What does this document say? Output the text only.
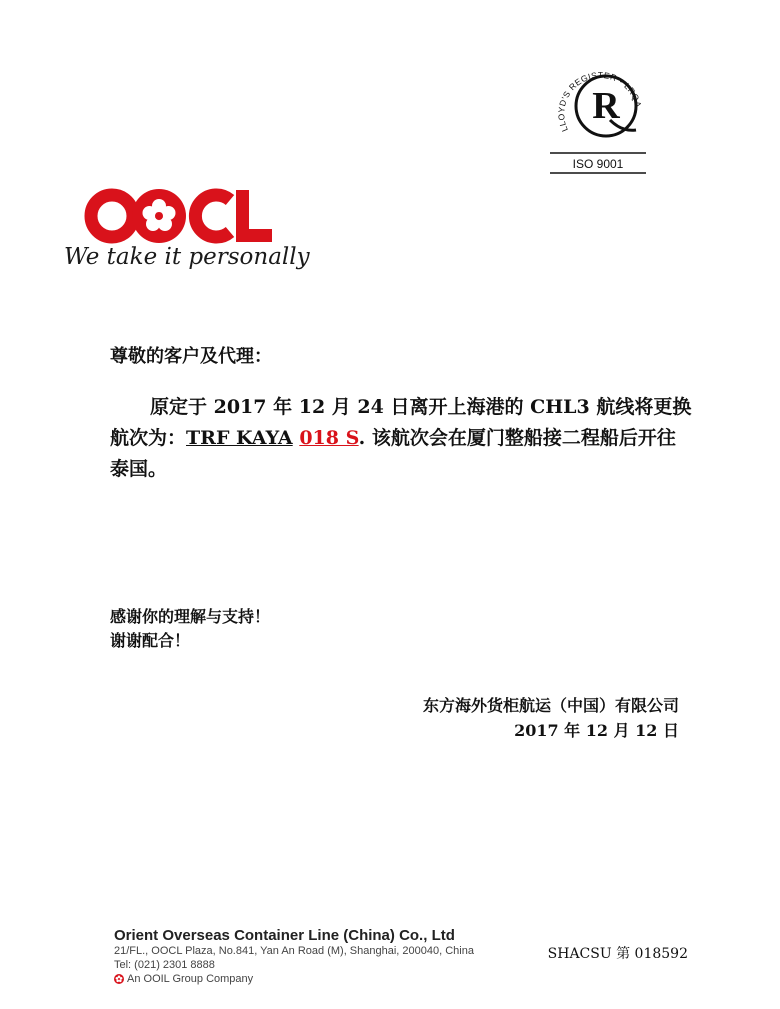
LLOYD'S REGISTER • LRQA
R
ISO 9001
We take it personally
尊敬的客户及代理：
原定于 2017 年 12 月 24 日离开上海港的 CHL3 航线将更换
航次为：TRF KAYA 018 S. 该航次会在厦门整船接二程船后开往
泰国。
感谢你的理解与支持！
谢谢配合！
东方海外货柜航运（中国）有限公司
2017 年 12 月 12 日
Orient Overseas Container Line (China) Co., Ltd
21/FL., OOCL Plaza, No.841, Yan An Road (M), Shanghai, 200040, China
Tel: (021) 2301 8888
An OOIL Group Company
SHACSU 第 018592
